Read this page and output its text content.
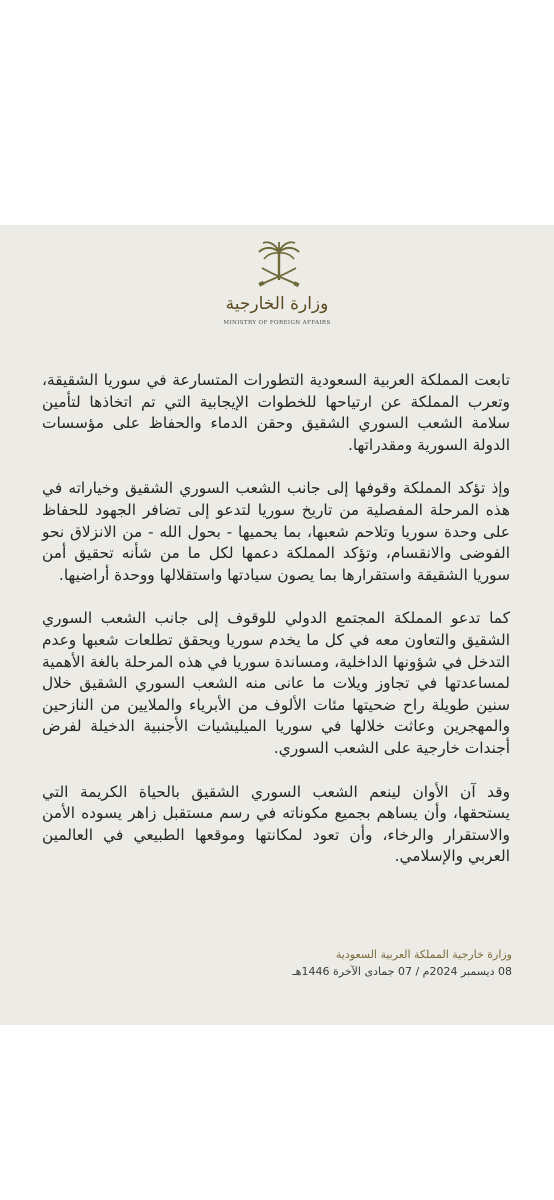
وزارة الخارجية
MINISTRY OF FOREIGN AFFAIRS

تابعت المملكة العربية السعودية التطورات المتسارعة في سوريا الشقيقة، وتعرب المملكة عن ارتياحها للخطوات الإيجابية التي تم اتخاذها لتأمين سلامة الشعب السوري الشقيق وحقن الدماء والحفاظ على مؤسسات الدولة السورية ومقدراتها.

وإذ تؤكد المملكة وقوفها إلى جانب الشعب السوري الشقيق وخياراته في هذه المرحلة المفصلية من تاريخ سوريا لتدعو إلى تضافر الجهود للحفاظ على وحدة سوريا وتلاحم شعبها، بما يحميها - بحول الله - من الانزلاق نحو الفوضى والانقسام، وتؤكد المملكة دعمها لكل ما من شأنه تحقيق أمن سوريا الشقيقة واستقرارها بما يصون سيادتها واستقلالها ووحدة أراضيها.

كما تدعو المملكة المجتمع الدولي للوقوف إلى جانب الشعب السوري الشقيق والتعاون معه في كل ما يخدم سوريا ويحقق تطلعات شعبها وعدم التدخل في شؤونها الداخلية، ومساندة سوريا في هذه المرحلة بالغة الأهمية لمساعدتها في تجاوز ويلات ما عانى منه الشعب السوري الشقيق خلال سنين طويلة راح ضحيتها مئات الألوف من الأبرياء والملايين من النازحين والمهجرين وعاثت خلالها في سوريا الميليشيات الأجنبية الدخيلة لفرض أجندات خارجية على الشعب السوري.

وقد آن الأوان لينعم الشعب السوري الشقيق بالحياة الكريمة التي يستحقها، وأن يساهم بجميع مكوناته في رسم مستقبل زاهر يسوده الأمن والاستقرار والرخاء، وأن تعود لمكانتها وموقعها الطبيعي في العالمين العربي والإسلامي.

وزارة خارجية المملكة العربية السعودية
08 ديسمبر 2024م / 07 جمادى الآخرة 1446هـ
